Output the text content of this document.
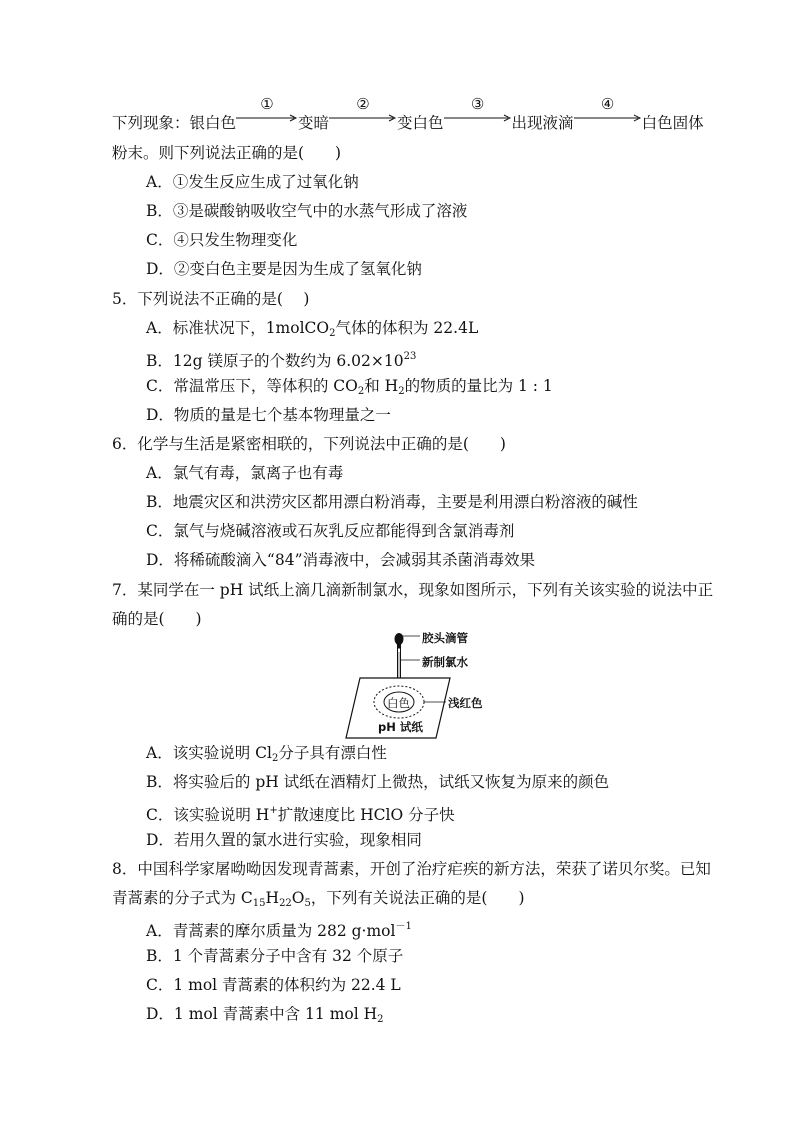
下列现象：银白色
①
变暗
②
变白色
③
出现液滴
④
白色固体
粉末。则下列说法正确的是(　　)
A．①发生反应生成了过氧化钠
B．③是碳酸钠吸收空气中的水蒸气形成了溶液
C．④只发生物理变化
D．②变白色主要是因为生成了氢氧化钠
5．下列说法不正确的是(　 )
A．标准状况下，1molCO$_2$气体的体积为 22.4L
B．12g 镁原子的个数约为 $6.02\times 10^{23}$
C．常温常压下，等体积的 $CO_2$和 $H_2$的物质的量比为 1 : 1
D．物质的量是七个基本物理量之一
6．化学与生活是紧密相联的，下列说法中正确的是(　　)
A．氯气有毒，氯离子也有毒
B．地震灾区和洪涝灾区都用漂白粉消毒，主要是利用漂白粉溶液的碱性
C．氯气与烧碱溶液或石灰乳反应都能得到含氯消毒剂
D．将稀硫酸滴入“84”消毒液中，会减弱其杀菌消毒效果
7．某同学在一 pH 试纸上滴几滴新制氯水，现象如图所示，下列有关该实验的说法中正
确的是(　　)
胶头滴管
新制氯水
浅红色
白色
pH 试纸
A．该实验说明 $Cl_2$分子具有漂白性
B．将实验后的 pH 试纸在酒精灯上微热，试纸又恢复为原来的颜色
C．该实验说明 H+扩散速度比 HClO 分子快
D．若用久置的氯水进行实验，现象相同
8．中国科学家屠呦呦因发现青蒿素，开创了治疗疟疾的新方法，荣获了诺贝尔奖。已知
青蒿素的分子式为 $C_{15}H_{22}O_5$，下列有关说法正确的是(　　)
A．青蒿素的摩尔质量为 282 g·mol$^{-1}$
B．1 个青蒿素分子中含有 32 个原子
C．1 mol 青蒿素的体积约为 22.4 L
D．1 mol 青蒿素中含 11 mol $H_2$
